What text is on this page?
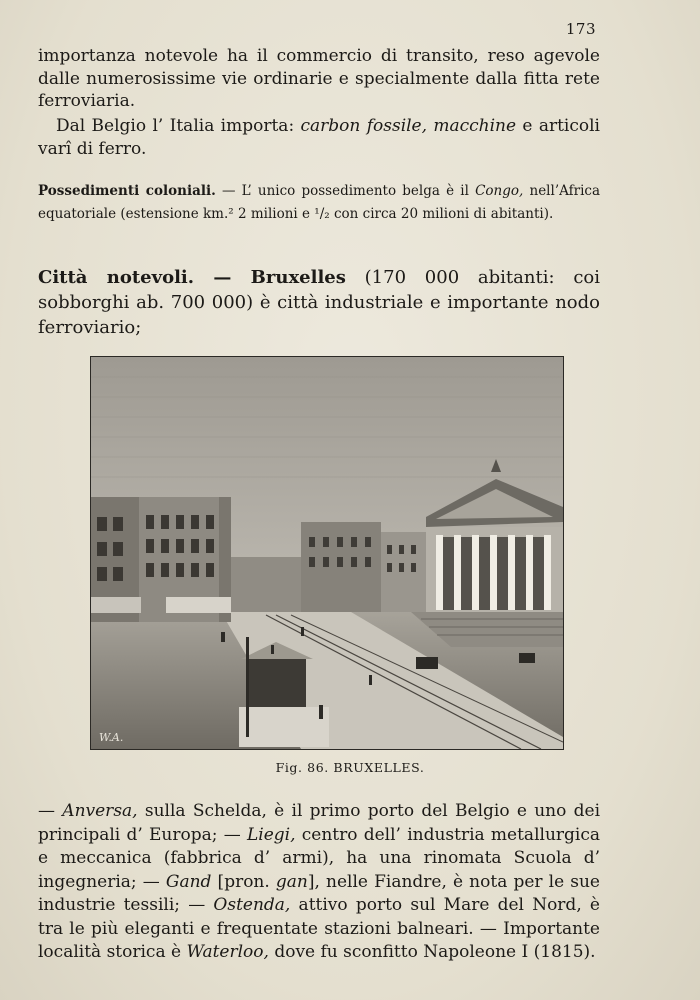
173

importanza notevole ha il commercio di transito, reso agevole dalle numerosissime vie ordinarie e specialmente dalla fitta rete ferroviaria.

Dal Belgio l’ Italia importa: carbon fossile, macchine e articoli varî di ferro.

Possedimenti coloniali. — L’ unico possedimento belga è il Congo, nell’Africa equatoriale (estensione km.² 2 milioni e ¹/₂ con circa 20 milioni di abitanti).

Città notevoli. — Bruxelles (170 000 abitanti: coi sobborghi ab. 700 000) è città industriale e importante nodo ferroviario;

W.A.
Fig. 86. BRUXELLES.

— Anversa, sulla Schelda, è il primo porto del Belgio e uno dei principali d’ Europa; — Liegi, centro dell’ industria metallurgica e meccanica (fabbrica d’ armi), ha una rinomata Scuola d’ ingegneria; — Gand [pron. gan], nelle Fiandre, è nota per le sue industrie tessili; — Ostenda, attivo porto sul Mare del Nord, è tra le più eleganti e frequentate stazioni balneari. — Importante località storica è Waterloo, dove fu sconfitto Napoleone I (1815).
